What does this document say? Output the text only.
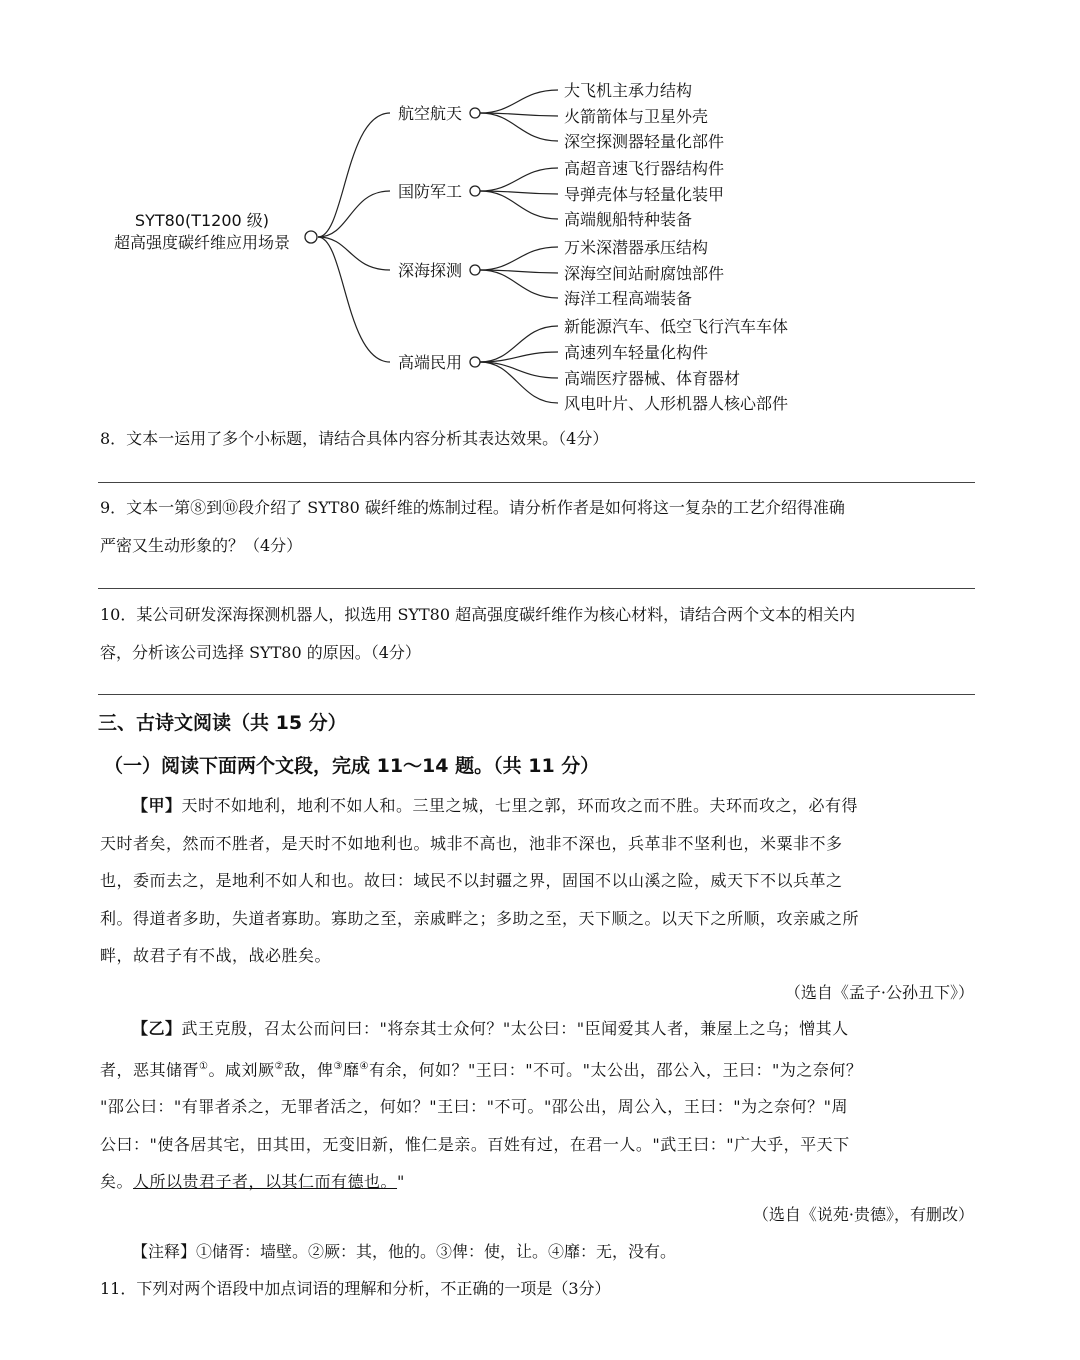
SYT80(T1200 级)
超高强度碳纤维应用场景
航空航天
国防军工
深海探测
高端民用
大飞机主承力结构
火箭箭体与卫星外壳
深空探测器轻量化部件
高超音速飞行器结构件
导弹壳体与轻量化装甲
高端舰船特种装备
万米深潜器承压结构
深海空间站耐腐蚀部件
海洋工程高端装备
新能源汽车、低空飞行汽车车体
高速列车轻量化构件
高端医疗器械、体育器材
风电叶片、人形机器人核心部件
8．文本一运用了多个小标题，请结合具体内容分析其表达效果。（4分）
9．文本一第⑧到⑩段介绍了 SYT80 碳纤维的炼制过程。请分析作者是如何将这一复杂的工艺介绍得准确
严密又生动形象的？（4分）
10．某公司研发深海探测机器人，拟选用 SYT80 超高强度碳纤维作为核心材料，请结合两个文本的相关内
容，分析该公司选择 SYT80 的原因。（4分）
三、古诗文阅读（共 15 分）
（一）阅读下面两个文段，完成 11～14 题。（共 11 分）
【甲】天时不如地利，地利不如人和。三里之城，七里之郭，环而攻之而不胜。夫环而攻之，必有得
天时者矣，然而不胜者，是天时不如地利也。城非不高也，池非不深也，兵革非不坚利也，米粟非不多
也，委而去之，是地利不如人和也。故曰：域民不以封疆之界，固国不以山溪之险，威天下不以兵革之
利。得道者多助，失道者寡助。寡助之至，亲戚畔之；多助之至，天下顺之。以天下之所顺，攻亲戚之所
畔，故君子有不战，战必胜矣。
（选自《孟子·公孙丑下》）
【乙】武王克殷，召太公而问曰："将奈其士众何？"太公曰："臣闻爱其人者，兼屋上之乌；憎其人
者，恶其储胥①。咸刘厥②敌，俾③靡④有余，何如？"王曰："不可。"太公出，邵公入，王曰："为之奈何？
"邵公曰："有罪者杀之，无罪者活之，何如？"王曰："不可。"邵公出，周公入，王曰："为之奈何？"周
公曰："使各居其宅，田其田，无变旧新，惟仁是亲。百姓有过，在君一人。"武王曰："广大乎，平天下
矣。人所以贵君子者，以其仁而有德也。"
（选自《说苑·贵德》，有删改）
【注释】①储胥：墙壁。②厥：其，他的。③俾：使，让。④靡：无，没有。
11．下列对两个语段中加点词语的理解和分析，不正确的一项是（3分）
